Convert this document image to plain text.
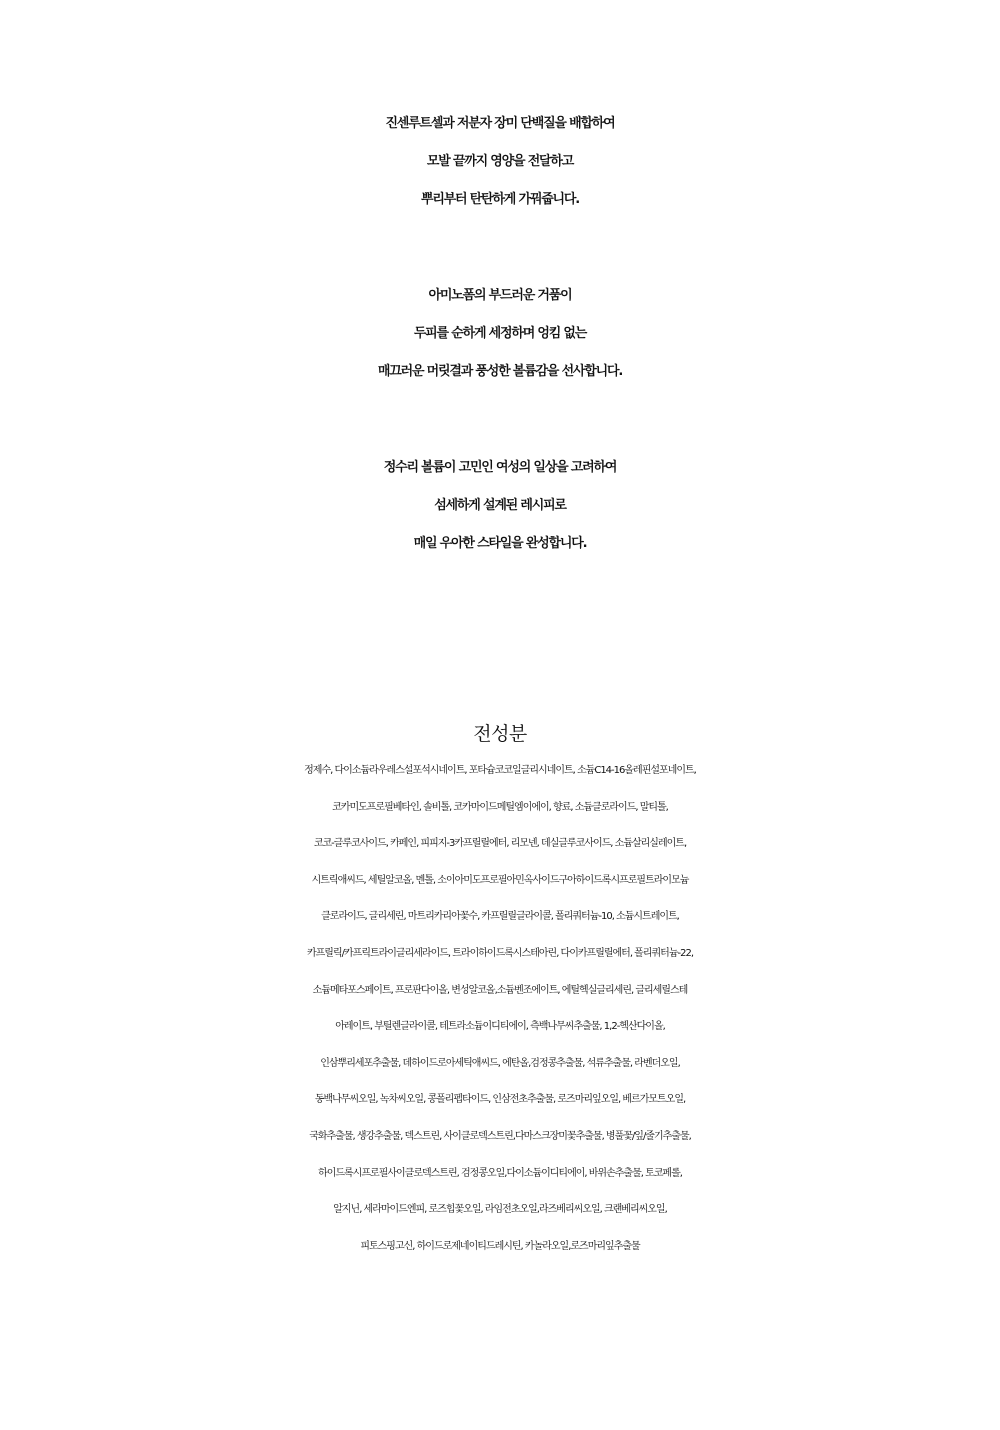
진센루트셀과 저분자 장미 단백질을 배합하여
모발 끝까지 영양을 전달하고
뿌리부터 탄탄하게 가꿔줍니다.
아미노폼의 부드러운 거품이
두피를 순하게 세정하며 엉킴 없는
매끄러운 머릿결과 풍성한 볼륨감을 선사합니다.
정수리 볼륨이 고민인 여성의 일상을 고려하여
섬세하게 설계된 레시피로
매일 우아한 스타일을 완성합니다.
전성분
정제수, 다이소듐라우레스설포석시네이트, 포타슘코코일글리시네이트, 소듐C14-16올레핀설포네이트,
코카미도프로필베타인, 솔비톨, 코카마이드메틸엠이에이, 향료, 소듐클로라이드, 말티톨,
코코-글루코사이드, 카페인, 피피지-3카프릴릴에터, 리모넨, 데실글루코사이드, 소듐살리실레이트,
시트릭애씨드, 세틸알코올, 멘톨, 소이아미도프로필아민옥사이드구아하이드록시프로필트라이모늄
클로라이드, 글리세린, 마트리카리아꽃수, 카프릴릴글라이콜, 폴리쿼터늄-10, 소듐시트레이트,
카프릴릭/카프릭트라이글리세라이드, 트라이하이드록시스테아린, 다이카프릴릴에터, 폴리쿼터늄-22,
소듐메타포스페이트, 프로판다이올, 변성알코올,소듐벤조에이트, 에틸헥실글리세린, 글리세릴스테
아레이트, 부틸렌글라이콜, 테트라소듐이디티에이, 측백나무씨추출물, 1,2-헥산다이올,
인삼뿌리세포추출물, 데하이드로아세틱애씨드, 에탄올,검정콩추출물, 석류추출물, 라벤더오일,
동백나무씨오일, 녹차씨오일, 콩폴리펩타이드, 인삼전초추출물, 로즈마리잎오일, 베르가모트오일,
국화추출물, 생강추출물, 덱스트린, 사이클로덱스트린,다마스크장미꽃추출물, 병풀꽃/잎/줄기추출물,
하이드록시프로필사이클로덱스트린, 검정콩오일,다이소듐이디티에이, 바위손추출물, 토코페롤,
알지닌, 세라마이드엔피, 로즈힙꽃오일, 라임전초오일,라즈베리씨오일, 크랜베리씨오일,
피토스핑고신, 하이드로제네이티드레시틴, 카놀라오일,로즈마리잎추출물
